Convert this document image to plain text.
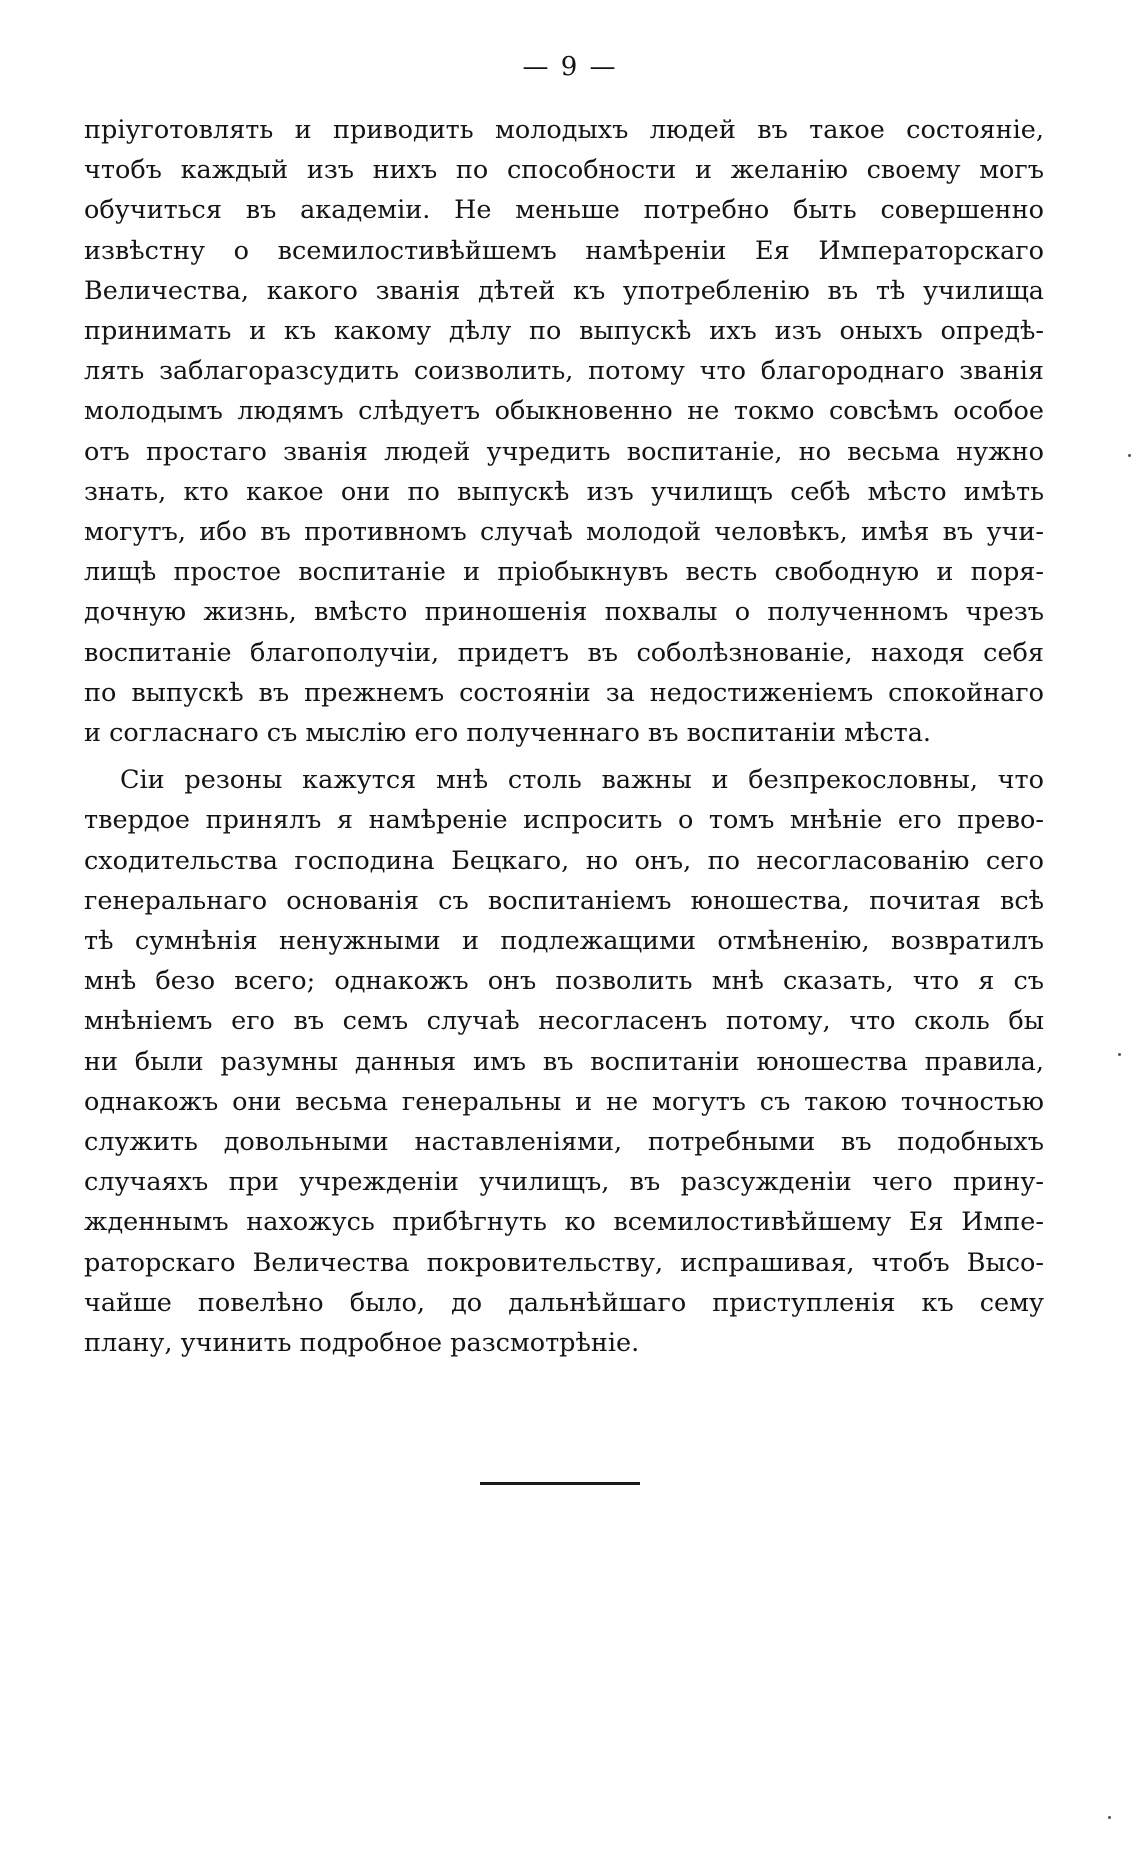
— 9 —
пріуготовлять и приводить молодыхъ людей въ такое состояніе,
чтобъ каждый изъ нихъ по способности и желанію своему могъ
обучиться въ академіи. Не меньше потребно быть совершенно
извѣстну о всемилостивѣйшемъ намѣреніи Ея Императорскаго
Величества, какого званія дѣтей къ употребленію въ тѣ училища
принимать и къ какому дѣлу по выпускѣ ихъ изъ оныхъ опредѣ-
лять заблагоразсудить соизволить, потому что благороднаго званія
молодымъ людямъ слѣдуетъ обыкновенно не токмо совсѣмъ особое
отъ простаго званія людей учредить воспитаніе, но весьма нужно
знать, кто какое они по выпускѣ изъ училищъ себѣ мѣсто имѣть
могутъ, ибо въ противномъ случаѣ молодой человѣкъ, имѣя въ учи-
лищѣ простое воспитаніе и пріобыкнувъ весть свободную и поря-
дочную жизнь, вмѣсто приношенія похвалы о полученномъ чрезъ
воспитаніе благополучіи, придетъ въ соболѣзнованіе, находя себя
по выпускѣ въ прежнемъ состояніи за недостиженіемъ спокойнаго
и согласнаго съ мыслію его полученнаго въ воспитаніи мѣста.
Сіи резоны кажутся мнѣ столь важны и безпрекословны, что
твердое принялъ я намѣреніе испросить о томъ мнѣніе его прево-
сходительства господина Бецкаго, но онъ, по несогласованію сего
генеральнаго основанія съ воспитаніемъ юношества, почитая всѣ
тѣ сумнѣнія ненужными и подлежащими отмѣненію, возвратилъ
мнѣ безо всего; однакожъ онъ позволить мнѣ сказать, что я съ
мнѣніемъ его въ семъ случаѣ несогласенъ потому, что сколь бы
ни были разумны данныя имъ въ воспитаніи юношества правила,
однакожъ они весьма генеральны и не могутъ съ такою точностью
служить довольными наставленіями, потребными въ подобныхъ
случаяхъ при учрежденіи училищъ, въ разсужденіи чего прину-
жденнымъ нахожусь прибѣгнуть ко всемилостивѣйшему Ея Импе-
раторскаго Величества покровительству, испрашивая, чтобъ Высо-
чайше повелѣно было, до дальнѣйшаго приступленія къ сему
плану, учинить подробное разсмотрѣніе.
